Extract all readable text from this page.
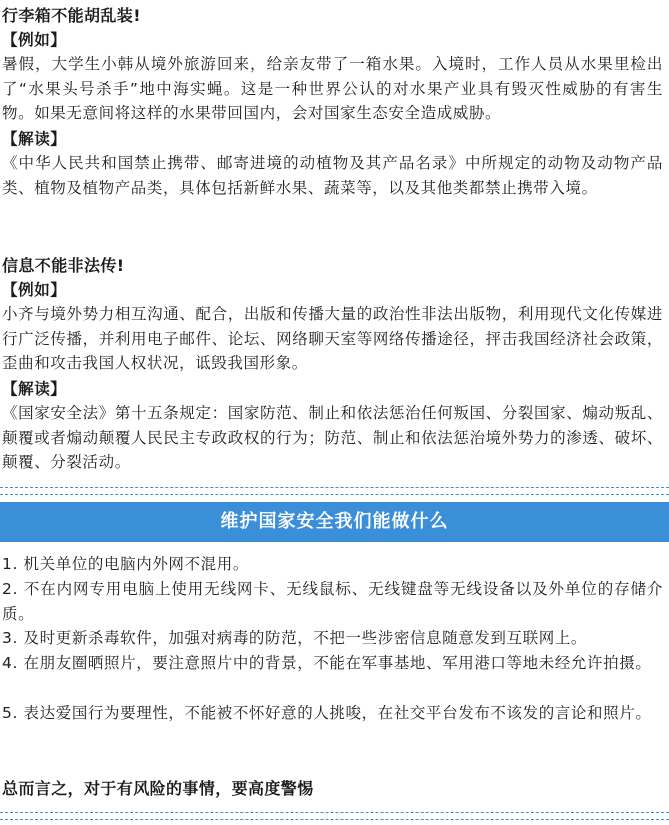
行李箱不能胡乱装!
【例如】
暑假，大学生小韩从境外旅游回来，给亲友带了一箱水果。入境时，工作人员从水果里检出了“水果头号杀手”地中海实蝇。这是一种世界公认的对水果产业具有毁灭性威胁的有害生物。如果无意间将这样的水果带回国内，会对国家生态安全造成威胁。
【解读】
《中华人民共和国禁止携带、邮寄进境的动植物及其产品名录》中所规定的动物及动物产品类、植物及植物产品类，具体包括新鲜水果、蔬菜等，以及其他类都禁止携带入境。
信息不能非法传!
【例如】
小齐与境外势力相互沟通、配合，出版和传播大量的政治性非法出版物，利用现代文化传媒进行广泛传播，并利用电子邮件、论坛、网络聊天室等网络传播途径，抨击我国经济社会政策，歪曲和攻击我国人权状况，诋毁我国形象。
【解读】
《国家安全法》第十五条规定：国家防范、制止和依法惩治任何叛国、分裂国家、煽动叛乱、颠覆或者煽动颠覆人民民主专政政权的行为；防范、制止和依法惩治境外势力的渗透、破坏、颠覆、分裂活动。
维护国家安全我们能做什么
1. 机关单位的电脑内外网不混用。
2. 不在内网专用电脑上使用无线网卡、无线鼠标、无线键盘等无线设备以及外单位的存储介质。
3. 及时更新杀毒软件，加强对病毒的防范，不把一些涉密信息随意发到互联网上。
4. 在朋友圈晒照片，要注意照片中的背景，不能在军事基地、军用港口等地未经允许拍摄。
5. 表达爱国行为要理性，不能被不怀好意的人挑唆，在社交平台发布不该发的言论和照片。
总而言之，对于有风险的事情，要高度警惕
